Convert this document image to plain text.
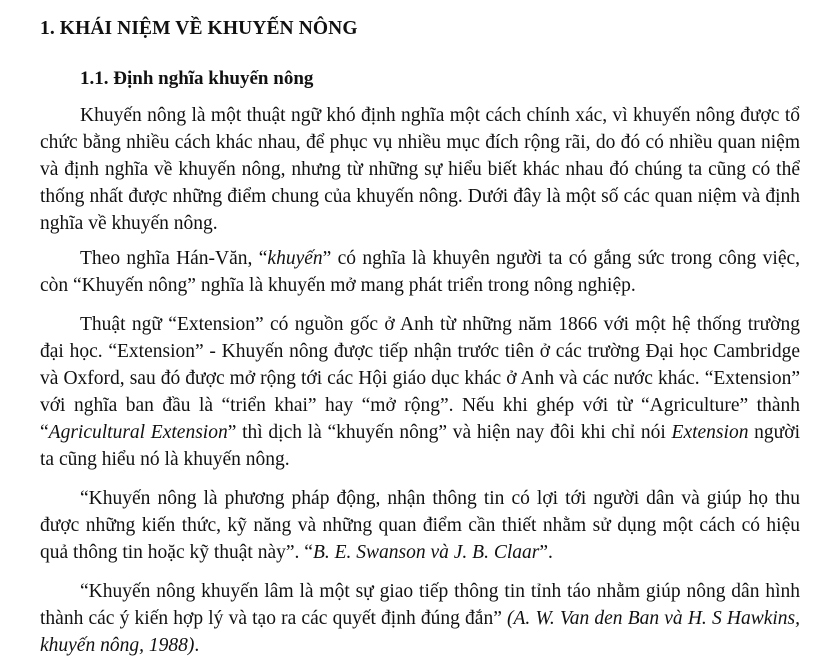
1. KHÁI NIỆM VỀ KHUYẾN NÔNG
1.1. Định nghĩa khuyến nông

Khuyến nông là một thuật ngữ khó định nghĩa một cách chính xác, vì khuyến nông được tổ chức bằng nhiều cách khác nhau, để phục vụ nhiều mục đích rộng rãi, do đó có nhiều quan niệm và định nghĩa về khuyến nông, nhưng từ những sự hiểu biết khác nhau đó chúng ta cũng có thể thống nhất được những điểm chung của khuyến nông. Dưới đây là một số các quan niệm và định nghĩa về khuyến nông.

Theo nghĩa Hán-Văn, “khuyến” có nghĩa là khuyên người ta có gắng sức trong công việc, còn “Khuyến nông” nghĩa là khuyến mở mang phát triển trong nông nghiệp.

Thuật ngữ “Extension” có nguồn gốc ở Anh từ những năm 1866 với một hệ thống trường đại học. “Extension” - Khuyến nông được tiếp nhận trước tiên ở các trường Đại học Cambridge và Oxford, sau đó được mở rộng tới các Hội giáo dục khác ở Anh và các nước khác. “Extension” với nghĩa ban đầu là “triển khai” hay “mở rộng”. Nếu khi ghép với từ “Agriculture” thành “Agricultural Extension” thì dịch là “khuyến nông” và hiện nay đôi khi chỉ nói Extension người ta cũng hiểu nó là khuyến nông.

“Khuyến nông là phương pháp động, nhận thông tin có lợi tới người dân và giúp họ thu được những kiến thức, kỹ năng và những quan điểm cần thiết nhằm sử dụng một cách có hiệu quả thông tin hoặc kỹ thuật này”. “B. E. Swanson và J. B. Claar”.

“Khuyến nông khuyến lâm là một sự giao tiếp thông tin tỉnh táo nhằm giúp nông dân hình thành các ý kiến hợp lý và tạo ra các quyết định đúng đắn” (A. W. Van den Ban và H. S Hawkins, khuyến nông, 1988).
